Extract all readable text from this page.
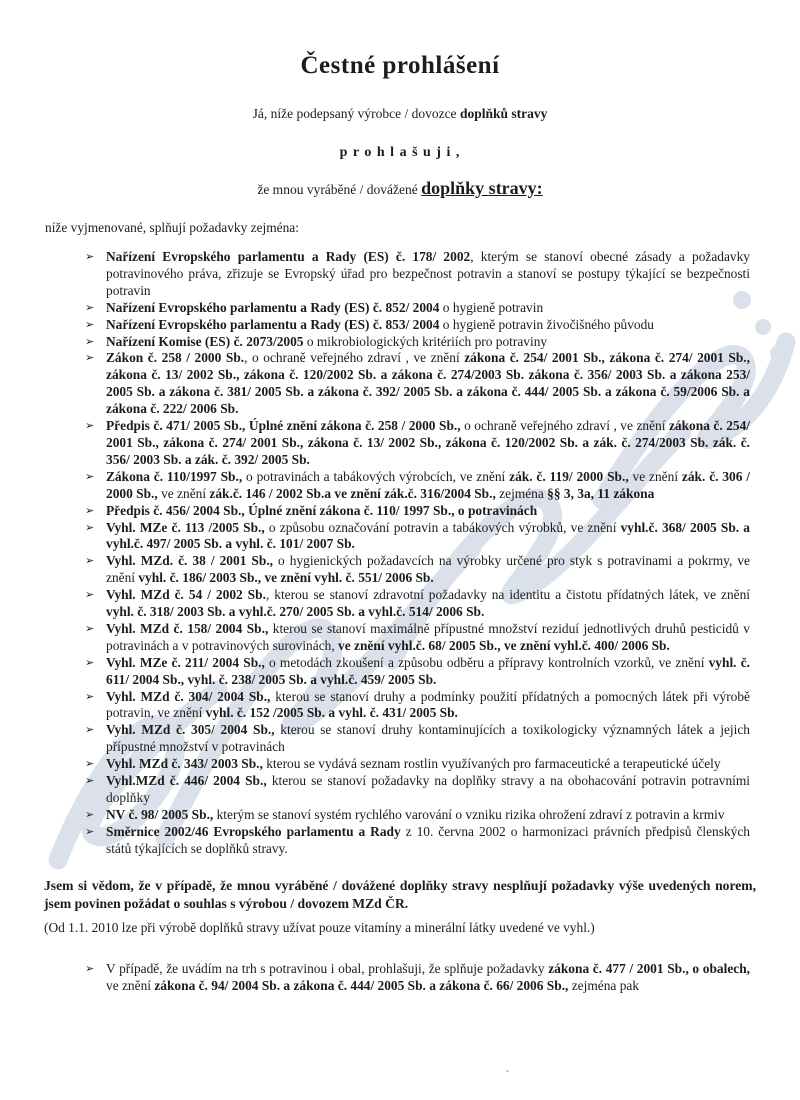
Čestné prohlášení

Já, níže podepsaný výrobce / dovozce doplňků stravy

p r o h l a š u j i ,

že mnou vyráběné / dovážené doplňky stravy:

níže vyjmenované, splňují požadavky zejména:

➢ Nařízení Evropského parlamentu a Rady (ES) č. 178/ 2002, kterým se stanoví obecné zásady a požadavky potravinového práva, zřizuje se Evropský úřad pro bezpečnost potravin a stanoví se postupy týkající se bezpečnosti potravin
➢ Nařízení Evropského parlamentu a Rady (ES) č. 852/ 2004 o hygieně potravin
➢ Nařízení Evropského parlamentu a Rady (ES) č. 853/ 2004 o hygieně potravin živočišného původu
➢ Nařízení Komise (ES) č. 2073/2005 o mikrobiologických kritériích pro potraviny
➢ Zákon č. 258 / 2000 Sb., o ochraně veřejného zdraví , ve znění zákona č. 254/ 2001 Sb., zákona č. 274/ 2001 Sb., zákona č. 13/ 2002 Sb., zákona č. 120/2002 Sb. a zákona č. 274/2003 Sb. zákona č. 356/ 2003 Sb. a zákona 253/ 2005 Sb. a zákona č. 381/ 2005 Sb. a zákona č. 392/ 2005 Sb. a zákona č. 444/ 2005 Sb. a zákona č. 59/2006 Sb. a zákona č. 222/ 2006 Sb.
➢ Předpis č. 471/ 2005 Sb., Úplné znění zákona č. 258 / 2000 Sb., o ochraně veřejného zdraví , ve znění zákona č. 254/ 2001 Sb., zákona č. 274/ 2001 Sb., zákona č. 13/ 2002 Sb., zákona č. 120/2002 Sb. a zák. č. 274/2003 Sb. zák. č. 356/ 2003 Sb. a zák. č. 392/ 2005 Sb.
➢ Zákona č. 110/1997 Sb., o potravinách a tabákových výrobcích, ve znění zák. č. 119/ 2000 Sb., ve znění zák. č. 306 / 2000 Sb., ve znění zák.č. 146 / 2002 Sb.a ve znění zák.č. 316/2004 Sb., zejména §§ 3, 3a, 11 zákona
➢ Předpis č. 456/ 2004 Sb., Úplné znění zákona č. 110/ 1997 Sb., o potravinách
➢ Vyhl. MZe č. 113 /2005 Sb., o způsobu označování potravin a tabákových výrobků, ve znění vyhl.č. 368/ 2005 Sb. a vyhl.č. 497/ 2005 Sb. a vyhl. č. 101/ 2007 Sb.
➢ Vyhl. MZd. č. 38 / 2001 Sb., o hygienických požadavcích na výrobky určené pro styk s potravinami a pokrmy, ve znění vyhl. č. 186/ 2003 Sb., ve znění vyhl. č. 551/ 2006 Sb.
➢ Vyhl. MZd č. 54 / 2002 Sb., kterou se stanoví zdravotní požadavky na identitu a čistotu přídatných látek, ve znění vyhl. č. 318/ 2003 Sb. a vyhl.č. 270/ 2005 Sb. a vyhl.č. 514/ 2006 Sb.
➢ Vyhl. MZd č. 158/ 2004 Sb., kterou se stanoví maximálně přípustné množství reziduí jednotlivých druhů pesticidů v potravinách a v potravinových surovinách, ve znění vyhl.č. 68/ 2005 Sb., ve znění vyhl.č. 400/ 2006 Sb.
➢ Vyhl. MZe č. 211/ 2004 Sb., o metodách zkoušení a způsobu odběru a přípravy kontrolních vzorků, ve znění vyhl. č. 611/ 2004 Sb., vyhl. č. 238/ 2005 Sb. a vyhl.č. 459/ 2005 Sb.
➢ Vyhl. MZd č. 304/ 2004 Sb., kterou se stanoví druhy a podmínky použití přídatných a pomocných látek při výrobě potravin, ve znění vyhl. č. 152 /2005 Sb. a vyhl. č. 431/ 2005 Sb.
➢ Vyhl. MZd č. 305/ 2004 Sb., kterou se stanoví druhy kontaminujících a toxikologicky významných látek a jejich přípustné množství v potravinách
➢ Vyhl. MZd č. 343/ 2003 Sb., kterou se vydává seznam rostlin využívaných pro farmaceutické a terapeutické účely
➢ Vyhl.MZd č. 446/ 2004 Sb., kterou se stanoví požadavky na doplňky stravy a na obohacování potravin potravními doplňky
➢ NV č. 98/ 2005 Sb., kterým se stanoví systém rychlého varování o vzniku rizika ohrožení zdraví z potravin a krmiv
➢ Směrnice 2002/46 Evropského parlamentu a Rady z 10. června 2002 o harmonizaci právních předpisů členských států týkajících se doplňků stravy.

Jsem si vědom, že v případě, že mnou vyráběné / dovážené doplňky stravy nesplňují požadavky výše uvedených norem, jsem povinen požádat o souhlas s výrobou / dovozem MZd ČR.

(Od 1.1. 2010 lze při výrobě doplňků stravy užívat pouze vitamíny a minerální látky uvedené ve vyhl.)

➢ V případě, že uvádím na trh s potravinou i obal, prohlašuji, že splňuje požadavky zákona č. 477 / 2001 Sb., o obalech, ve znění zákona č. 94/ 2004 Sb. a zákona č. 444/ 2005 Sb. a zákona č. 66/ 2006 Sb., zejména pak
